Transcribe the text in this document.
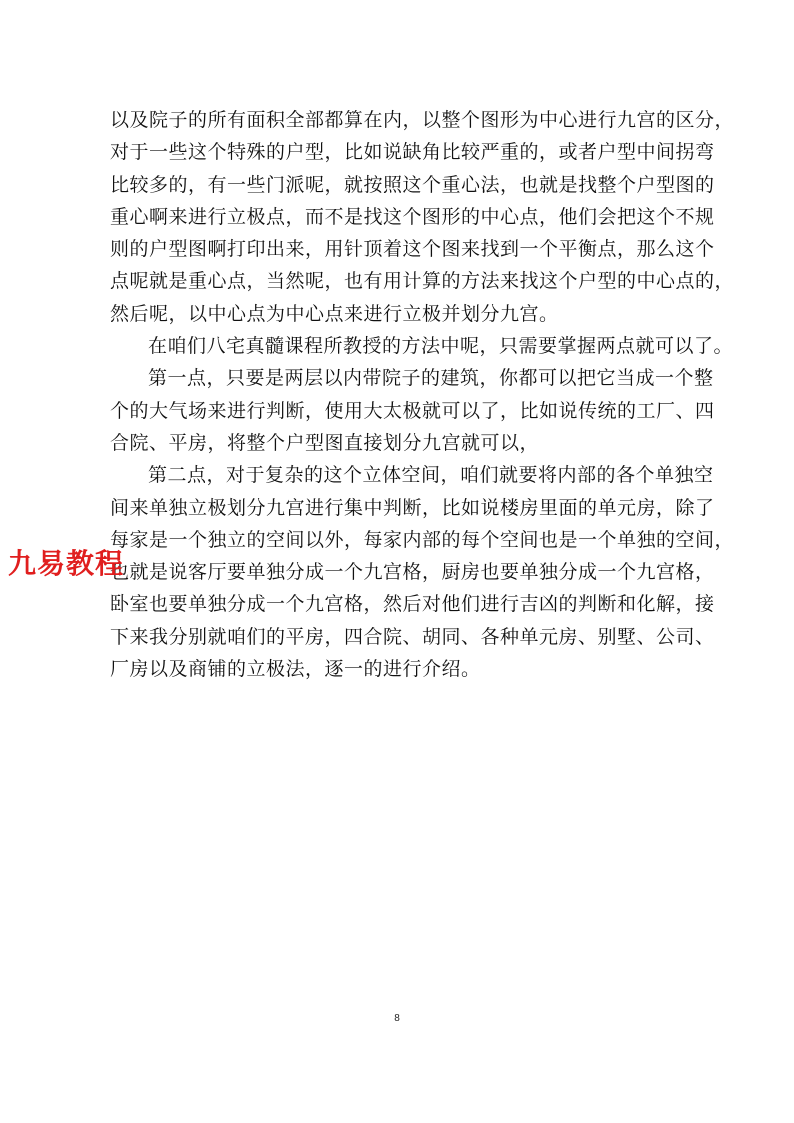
以及院子的所有面积全部都算在内，以整个图形为中心进行九宫的区分，
对于一些这个特殊的户型，比如说缺角比较严重的，或者户型中间拐弯
比较多的，有一些门派呢，就按照这个重心法，也就是找整个户型图的
重心啊来进行立极点，而不是找这个图形的中心点，他们会把这个不规
则的户型图啊打印出来，用针顶着这个图来找到一个平衡点，那么这个
点呢就是重心点，当然呢，也有用计算的方法来找这个户型的中心点的，
然后呢，以中心点为中心点来进行立极并划分九宫。
在咱们八宅真髓课程所教授的方法中呢，只需要掌握两点就可以了。
第一点，只要是两层以内带院子的建筑，你都可以把它当成一个整
个的大气场来进行判断，使用大太极就可以了，比如说传统的工厂、四
合院、平房，将整个户型图直接划分九宫就可以，
第二点，对于复杂的这个立体空间，咱们就要将内部的各个单独空
间来单独立极划分九宫进行集中判断，比如说楼房里面的单元房，除了
每家是一个独立的空间以外，每家内部的每个空间也是一个单独的空间，
也就是说客厅要单独分成一个九宫格，厨房也要单独分成一个九宫格，
卧室也要单独分成一个九宫格，然后对他们进行吉凶的判断和化解，接
下来我分别就咱们的平房，四合院、胡同、各种单元房、别墅、公司、
厂房以及商铺的立极法，逐一的进行介绍。
九易教程
8
